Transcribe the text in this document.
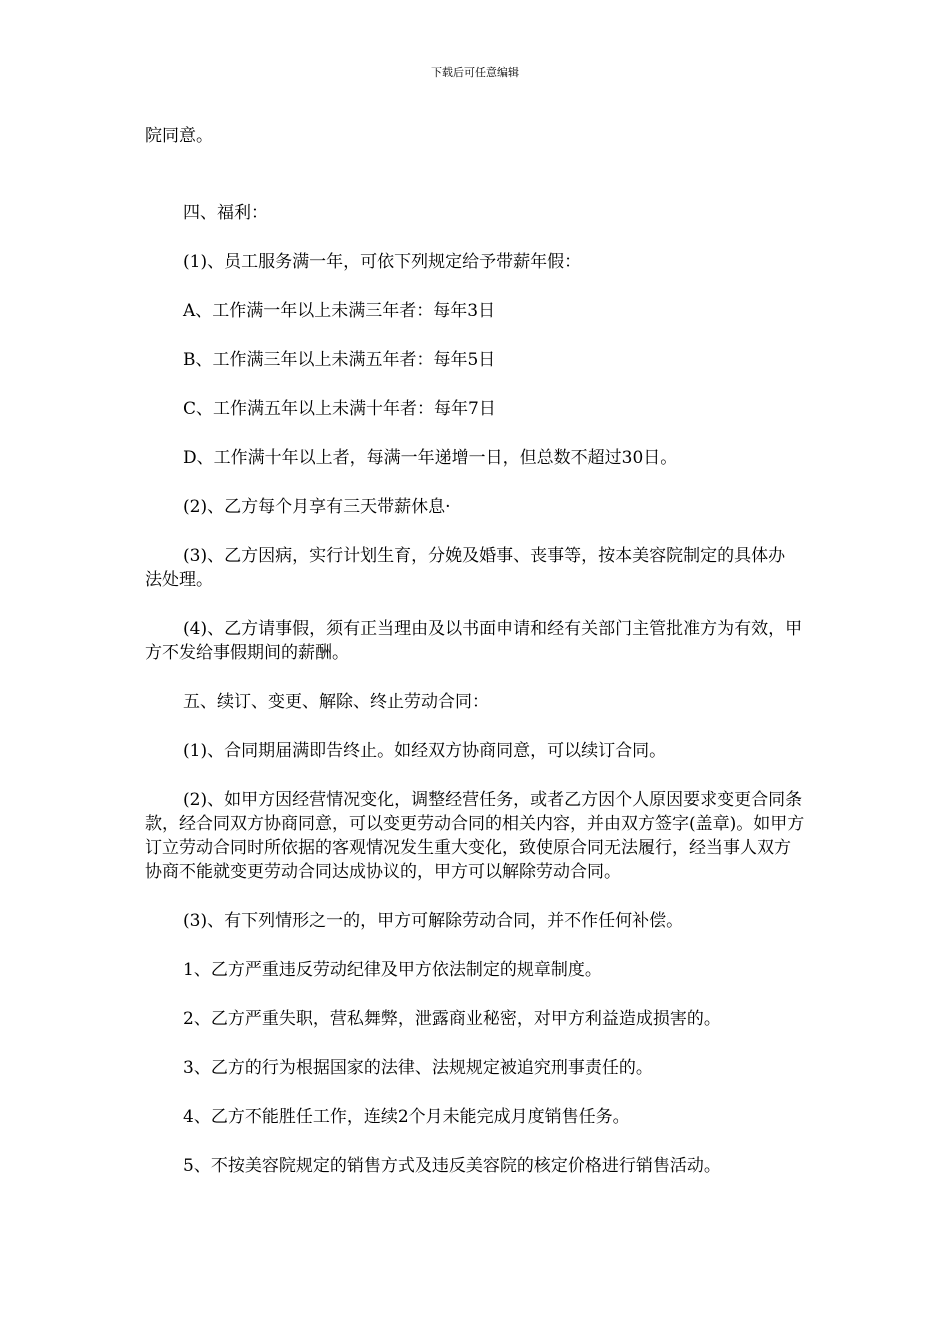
下载后可任意编辑

院同意。

四、福利：

(1)、员工服务满一年，可依下列规定给予带薪年假：

A、工作满一年以上未满三年者：每年3日

B、工作满三年以上未满五年者：每年5日

C、工作满五年以上未满十年者：每年7日

D、工作满十年以上者，每满一年递增一日，但总数不超过30日。

(2)、乙方每个月享有三天带薪休息·

(3)、乙方因病，实行计划生育，分娩及婚事、丧事等，按本美容院制定的具体办 法处理。

(4)、乙方请事假，须有正当理由及以书面申请和经有关部门主管批准方为有效，甲方不发给事假期间的薪酬。

五、续订、变更、解除、终止劳动合同：

(1)、合同期届满即告终止。如经双方协商同意，可以续订合同。

(2)、如甲方因经营情况变化，调整经营任务，或者乙方因个人原因要求变更合同条款，经合同双方协商同意，可以变更劳动合同的相关内容，并由双方签字(盖章)。如甲方订立劳动合同时所依据的客观情况发生重大变化，致使原合同无法履行，经当事人双方协商不能就变更劳动合同达成协议的，甲方可以解除劳动合同。

(3)、有下列情形之一的，甲方可解除劳动合同，并不作任何补偿。

1、乙方严重违反劳动纪律及甲方依法制定的规章制度。

2、乙方严重失职，营私舞弊，泄露商业秘密，对甲方利益造成损害的。

3、乙方的行为根据国家的法律、法规规定被追究刑事责任的。

4、乙方不能胜任工作，连续2个月未能完成月度销售任务。

5、不按美容院规定的销售方式及违反美容院的核定价格进行销售活动。
